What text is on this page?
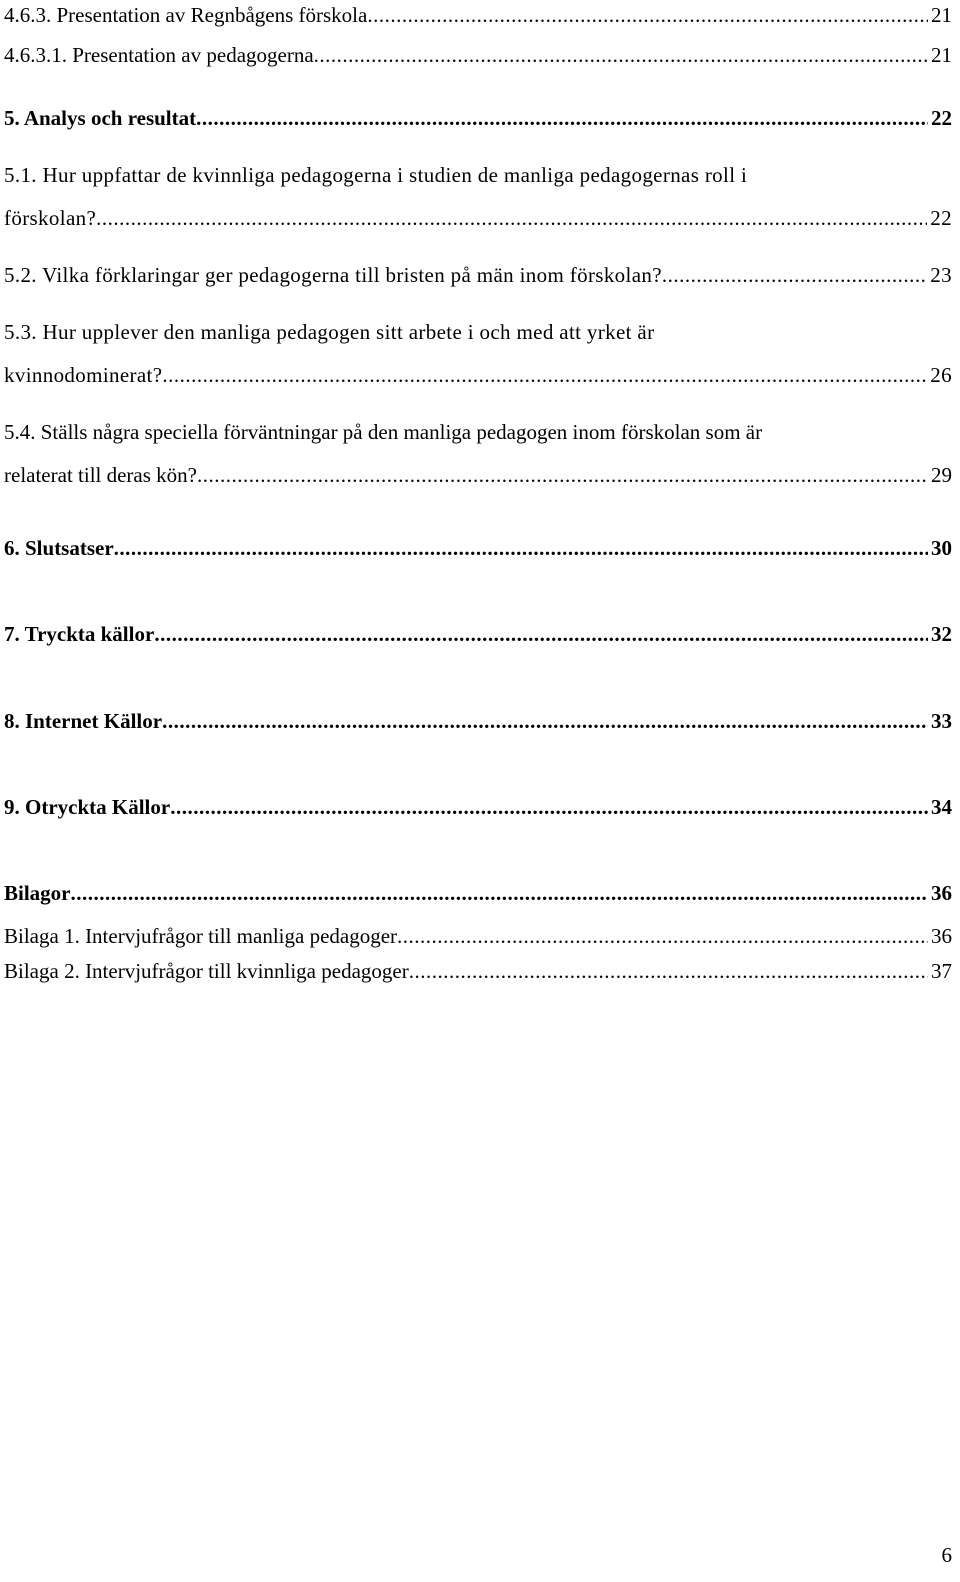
4.6.3. Presentation av Regnbågens förskola .....	21
4.6.3.1. Presentation av pedagogerna .....	21
5. Analys och resultat .....	22
5.1. Hur uppfattar de kvinnliga pedagogerna i studien de manliga pedagogernas roll i
förskolan? .....	22
5.2. Vilka förklaringar ger pedagogerna till bristen på män inom förskolan? .....	23
5.3. Hur upplever den manliga pedagogen sitt arbete i och med att yrket är
kvinnodominerat? .....	26
5.4. Ställs några speciella förväntningar på den manliga pedagogen inom förskolan som är
relaterat till deras kön? .....	29
6. Slutsatser .....	30
7. Tryckta källor .....	32
8. Internet Källor .....	33
9. Otryckta Källor .....	34
Bilagor .....	36
Bilaga 1. Intervjufrågor till manliga pedagoger .....	36
Bilaga 2. Intervjufrågor till kvinnliga pedagoger .....	37
6
